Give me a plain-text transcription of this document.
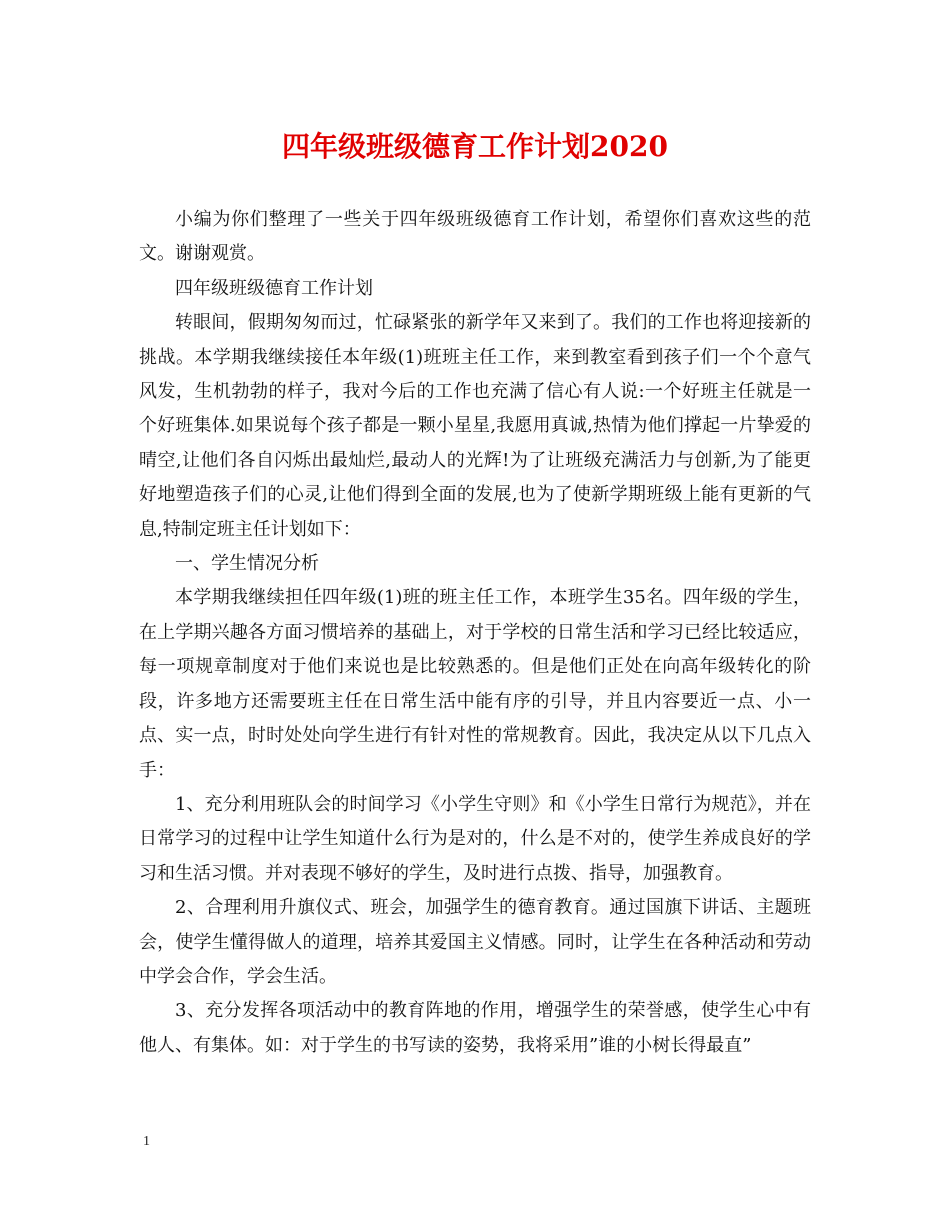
四年级班级德育工作计划2020

小编为你们整理了一些关于四年级班级德育工作计划，希望你们喜欢这些的范文。谢谢观赏。

四年级班级德育工作计划

转眼间，假期匆匆而过，忙碌紧张的新学年又来到了。我们的工作也将迎接新的挑战。本学期我继续接任本年级(1)班班主任工作，来到教室看到孩子们一个个意气风发，生机勃勃的样子，我对今后的工作也充满了信心有人说:一个好班主任就是一个好班集体.如果说每个孩子都是一颗小星星,我愿用真诚,热情为他们撑起一片挚爱的晴空,让他们各自闪烁出最灿烂,最动人的光辉!为了让班级充满活力与创新,为了能更好地塑造孩子们的心灵,让他们得到全面的发展,也为了使新学期班级上能有更新的气息,特制定班主任计划如下：

一、学生情况分析

本学期我继续担任四年级(1)班的班主任工作，本班学生35名。四年级的学生，在上学期兴趣各方面习惯培养的基础上，对于学校的日常生活和学习已经比较适应，每一项规章制度对于他们来说也是比较熟悉的。但是他们正处在向高年级转化的阶段，许多地方还需要班主任在日常生活中能有序的引导，并且内容要近一点、小一点、实一点，时时处处向学生进行有针对性的常规教育。因此，我决定从以下几点入手：

1、充分利用班队会的时间学习《小学生守则》和《小学生日常行为规范》，并在日常学习的过程中让学生知道什么行为是对的，什么是不对的，使学生养成良好的学习和生活习惯。并对表现不够好的学生，及时进行点拨、指导，加强教育。

2、合理利用升旗仪式、班会，加强学生的德育教育。通过国旗下讲话、主题班会，使学生懂得做人的道理，培养其爱国主义情感。同时，让学生在各种活动和劳动中学会合作，学会生活。

3、充分发挥各项活动中的教育阵地的作用，增强学生的荣誉感，使学生心中有他人、有集体。如：对于学生的书写读的姿势，我将采用”谁的小树长得最直”

1
